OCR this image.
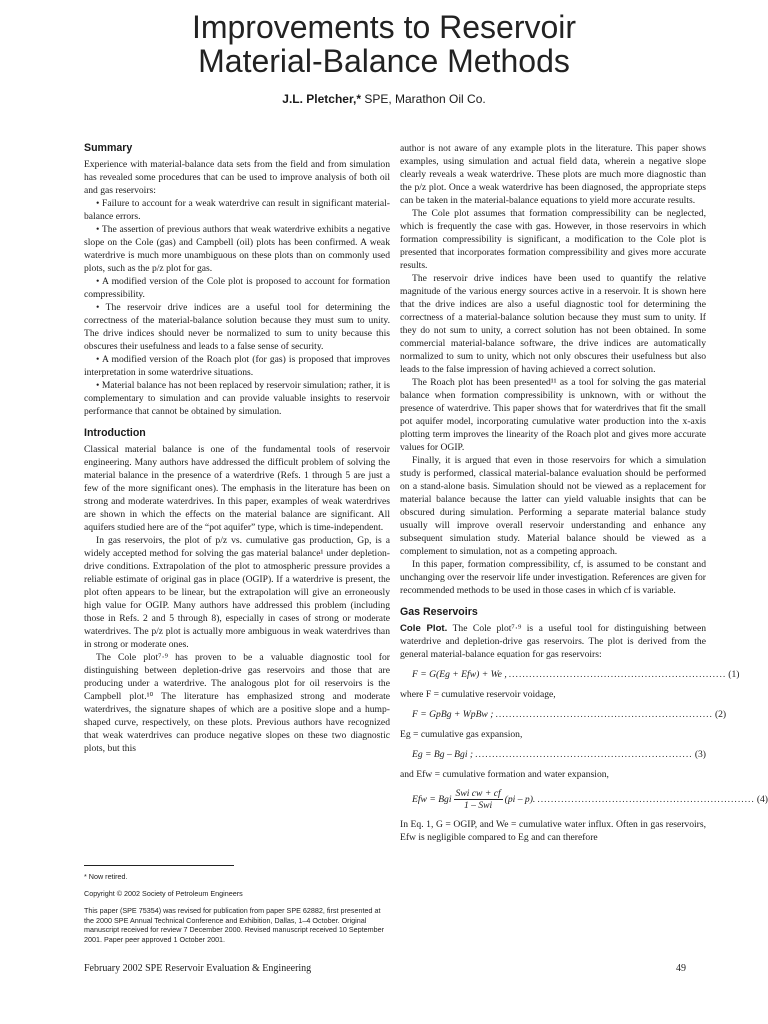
Improvements to Reservoir
Material-Balance Methods
J.L. Pletcher,* SPE, Marathon Oil Co.
Summary

Experience with material-balance data sets from the field and from simulation has revealed some procedures that can be used to improve analysis of both oil and gas reservoirs:

• Failure to account for a weak waterdrive can result in significant material-balance errors.

• The assertion of previous authors that weak waterdrive exhibits a negative slope on the Cole (gas) and Campbell (oil) plots has been confirmed. A weak waterdrive is much more unambiguous on these plots than on commonly used plots, such as the p/z plot for gas.

• A modified version of the Cole plot is proposed to account for formation compressibility.

• The reservoir drive indices are a useful tool for determining the correctness of the material-balance solution because they must sum to unity. The drive indices should never be normalized to sum to unity because this obscures their usefulness and leads to a false sense of security.

• A modified version of the Roach plot (for gas) is proposed that improves interpretation in some waterdrive situations.

• Material balance has not been replaced by reservoir simulation; rather, it is complementary to simulation and can provide valuable insights to reservoir performance that cannot be obtained by simulation.

Introduction

Classical material balance is one of the fundamental tools of reservoir engineering. Many authors have addressed the difficult problem of solving the material balance in the presence of a waterdrive (Refs. 1 through 5 are just a few of the more significant ones). The emphasis in the literature has been on strong and moderate waterdrives. In this paper, examples of weak waterdrives are shown in which the effects on the material balance are significant. All aquifers studied here are of the “pot aquifer” type, which is time-independent.

In gas reservoirs, the plot of p/z vs. cumulative gas production, Gp, is a widely accepted method for solving the gas material balance¹ under depletion-drive conditions. Extrapolation of the plot to atmospheric pressure provides a reliable estimate of original gas in place (OGIP). If a waterdrive is present, the plot often appears to be linear, but the extrapolation will give an erroneously high value for OGIP. Many authors have addressed this problem (including those in Refs. 2 and 5 through 8), especially in cases of strong or moderate waterdrives. The p/z plot is actually more ambiguous in weak waterdrives than in strong or moderate ones.

The Cole plot⁷·⁹ has proven to be a valuable diagnostic tool for distinguishing between depletion-drive gas reservoirs and those that are producing under a waterdrive. The analogous plot for oil reservoirs is the Campbell plot.¹⁰ The literature has emphasized strong and moderate waterdrives, the signature shapes of which are a positive slope and a hump-shaped curve, respectively, on these plots. Previous authors have recognized that weak waterdrives can produce negative slopes on these two diagnostic plots, but this

author is not aware of any example plots in the literature. This paper shows examples, using simulation and actual field data, wherein a negative slope clearly reveals a weak waterdrive. These plots are much more diagnostic than the p/z plot. Once a weak waterdrive has been diagnosed, the appropriate steps can be taken in the material-balance equations to yield more accurate results.

The Cole plot assumes that formation compressibility can be neglected, which is frequently the case with gas. However, in those reservoirs in which formation compressibility is significant, a modification to the Cole plot is presented that incorporates formation compressibility and gives more accurate results.

The reservoir drive indices have been used to quantify the relative magnitude of the various energy sources active in a reservoir. It is shown here that the drive indices are also a useful diagnostic tool for determining the correctness of a material-balance solution because they must sum to unity. If they do not sum to unity, a correct solution has not been obtained. In some commercial material-balance software, the drive indices are automatically normalized to sum to unity, which not only obscures their usefulness but also leads to the false impression of having achieved a correct solution.

The Roach plot has been presented¹¹ as a tool for solving the gas material balance when formation compressibility is unknown, with or without the presence of waterdrive. This paper shows that for waterdrives that fit the small pot aquifer model, incorporating cumulative water production into the x-axis plotting term improves the linearity of the Roach plot and gives more accurate values for OGIP.

Finally, it is argued that even in those reservoirs for which a simulation study is performed, classical material-balance evaluation should be performed on a stand-alone basis. Simulation should not be viewed as a replacement for material balance because the latter can yield valuable insights that can be obscured during simulation. Performing a separate material balance study usually will improve overall reservoir understanding and enhance any subsequent simulation study. Material balance should be viewed as a complement to simulation, not as a competing approach.

In this paper, formation compressibility, cf, is assumed to be constant and unchanging over the reservoir life under investigation. References are given for recommended methods to be used in those cases in which cf is variable.

Gas Reservoirs

Cole Plot. The Cole plot⁷·⁹ is a useful tool for distinguishing between waterdrive and depletion-drive gas reservoirs. The plot is derived from the general material-balance equation for gas reservoirs:

F = G(Eg + Efw) + We , ................................................................ (1)

where F = cumulative reservoir voidage,

F = GpBg + WpBw ; ................................................................ (2)

Eg = cumulative gas expansion,

Eg = Bg – Bgi ; ................................................................ (3)

and Efw = cumulative formation and water expansion,

Efw = Bgi $\frac{\text{Swi cw + cf}}{\text{1 – Swi}} (pi - p)$. ................................................................ (4)

In Eq. 1, G = OGIP, and We = cumulative water influx. Often in gas reservoirs, Efw is negligible compared to Eg and can therefore

* Now retired.
Copyright © 2002 Society of Petroleum Engineers
This paper (SPE 75354) was revised for publication from paper SPE 62882, first presented at the 2000 SPE Annual Technical Conference and Exhibition, Dallas, 1–4 October. Original manuscript received for review 7 December 2000. Revised manuscript received 10 September 2001. Paper peer approved 1 October 2001.
February 2002 SPE Reservoir Evaluation & Engineering	49
